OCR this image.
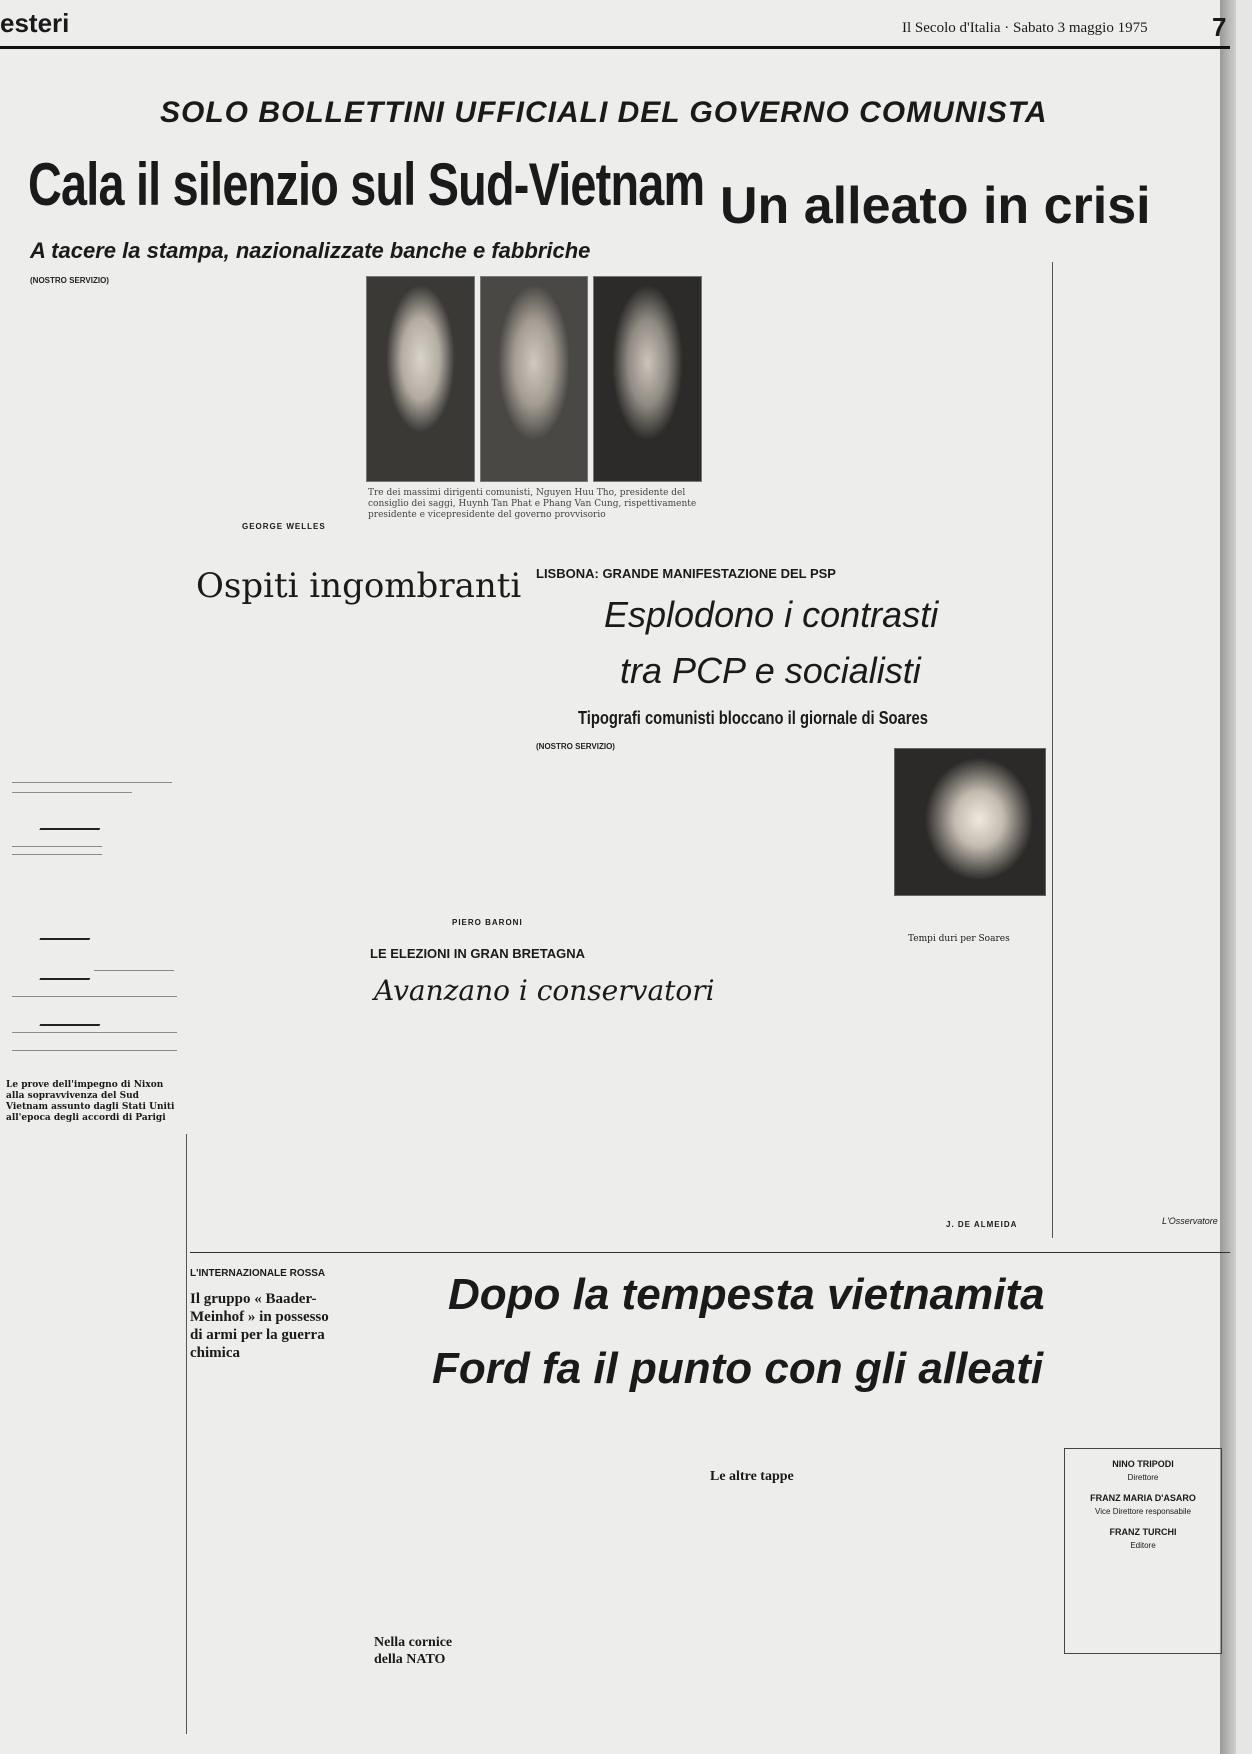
esteri	Il Secolo d'Italia · Sabato 3 maggio 1975 7
SOLO BOLLETTINI UFFICIALI DEL GOVERNO COMUNISTA
Cala il silenzio sul Sud-Vietnam Un alleato in crisi
A tacere la stampa, nazionalizzate banche e fabbriche
(NOSTRO SERVIZIO)
GEORGE WELLES
Tre dei massimi dirigenti comunisti, Nguyen Huu Tho, presidente del consiglio dei saggi, Huynh Tan Phat e Phang Van Cung, rispettivamente presidente e vicepresidente del governo provvisorio
L'Osservatore
Ospiti ingombranti
PIERO BARONI
LISBONA: GRANDE MANIFESTAZIONE DEL PSP
Esplodono i contrasti
tra PCP e socialisti
Tipografi comunisti bloccano il giornale di Soares
(NOSTRO SERVIZIO)
Tempi duri per Soares
J. DE ALMEIDA
LE ELEZIONI IN GRAN BRETAGNA
Avanzano i conservatori
Le prove dell'impegno di Nixon alla sopravvivenza del Sud Vietnam assunto dagli Stati Uniti all'epoca degli accordi di Parigi
L'INTERNAZIONALE ROSSA
Il gruppo « Baader-Meinhof » in possesso di armi per la guerra chimica
Dopo la tempesta vietnamita
Ford fa il punto con gli alleati
Nella cornice della NATO
Le altre tappe
NINO TRIPODI
Direttore
FRANZ MARIA D'ASARO
Vice Direttore responsabile
FRANZ TURCHI
Editore
